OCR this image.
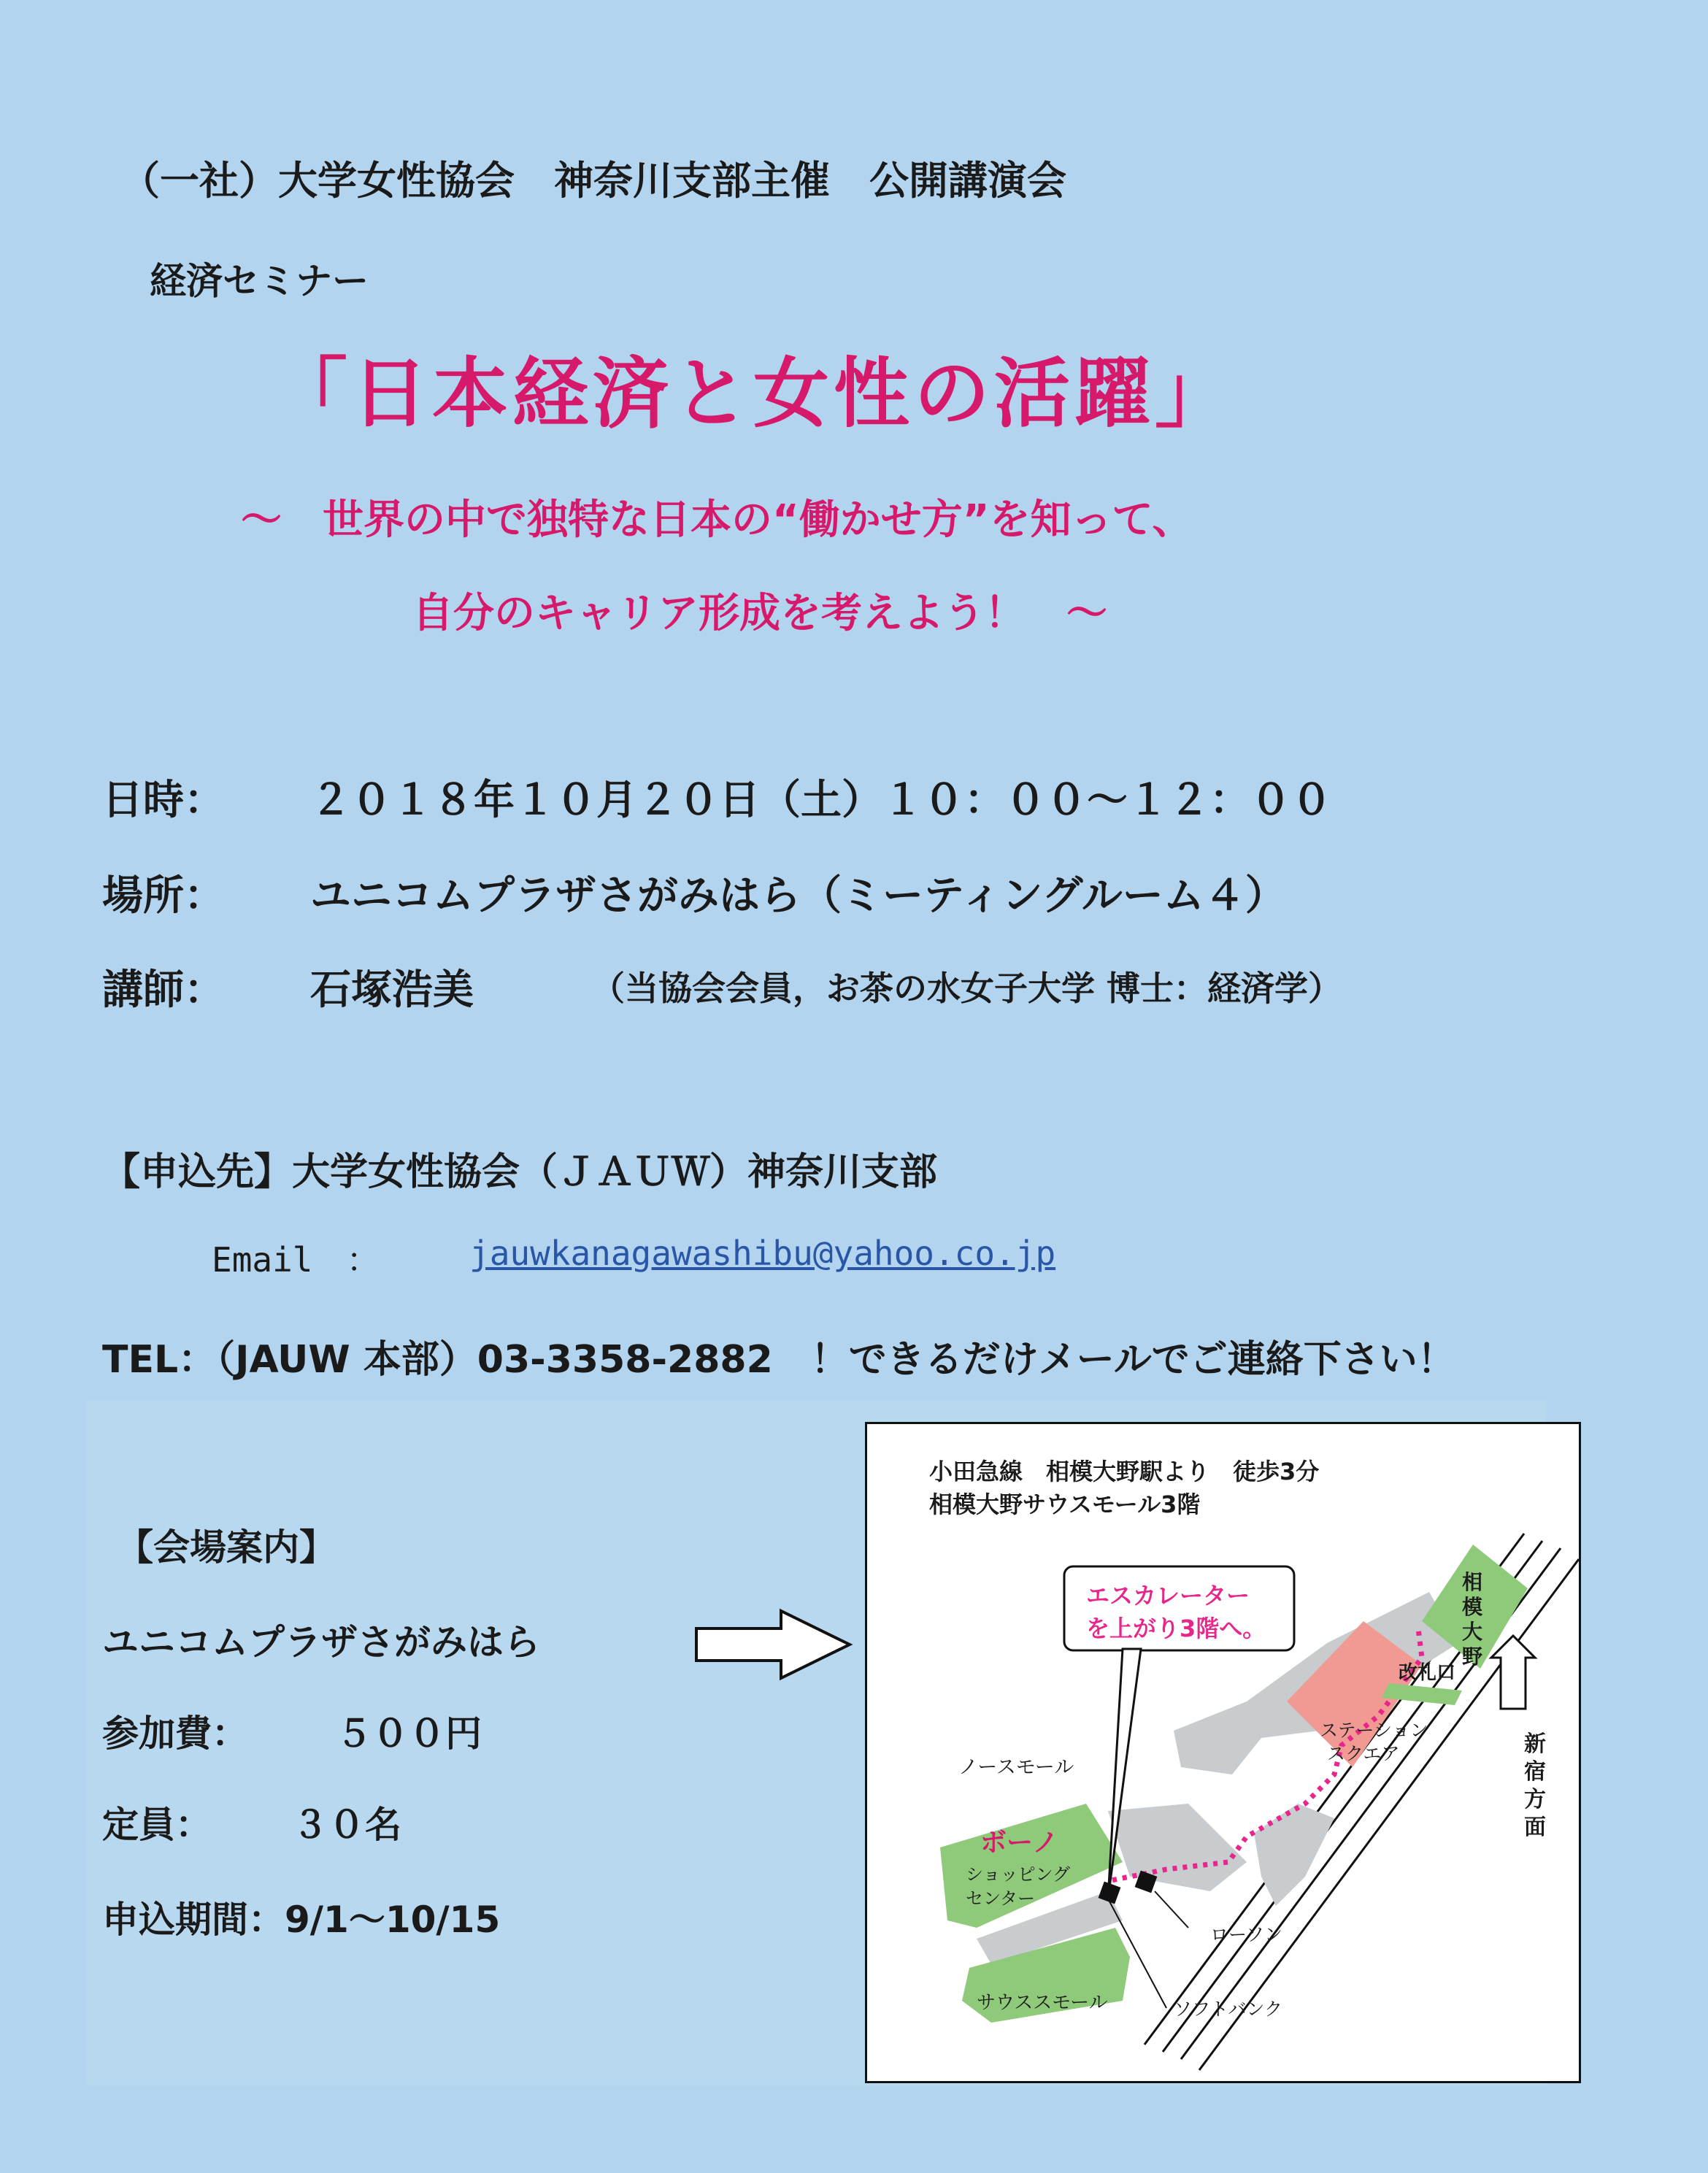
（一社）大学女性協会　神奈川支部主催　公開講演会
経済セミナー
「日本経済と女性の活躍」
～　世界の中で独特な日本の“働かせ方”を知って、
自分のキャリア形成を考えよう！　～
日時： ２０１８年１０月２０日（土）１０：００～１２：００
場所： ユニコムプラザさがみはら（ミーティングルーム４）
講師： 石塚浩美	（当協会会員，お茶の水女子大学 博士：経済学）
【申込先】大学女性協会（ＪＡＵＷ）神奈川支部
Email　：	jauwkanagawashibu@yahoo.co.jp
TEL：（JAUW 本部）03-3358-2882　！できるだけメールでご連絡下さい！
【会場案内】
ユニコムプラザさがみはら
参加費： ５００円
定員： ３０名
申込期間：9/1～10/15
小田急線　相模大野駅より　徒歩3分
相模大野サウスモール3階
エスカレーター
を上がり3階へ。
ノースモール
ボーノ
ショッピング
センター
サウススモール
相模大野
改札口
ステーション
スクエア	新宿方面
ローソン
ソフトバンク
